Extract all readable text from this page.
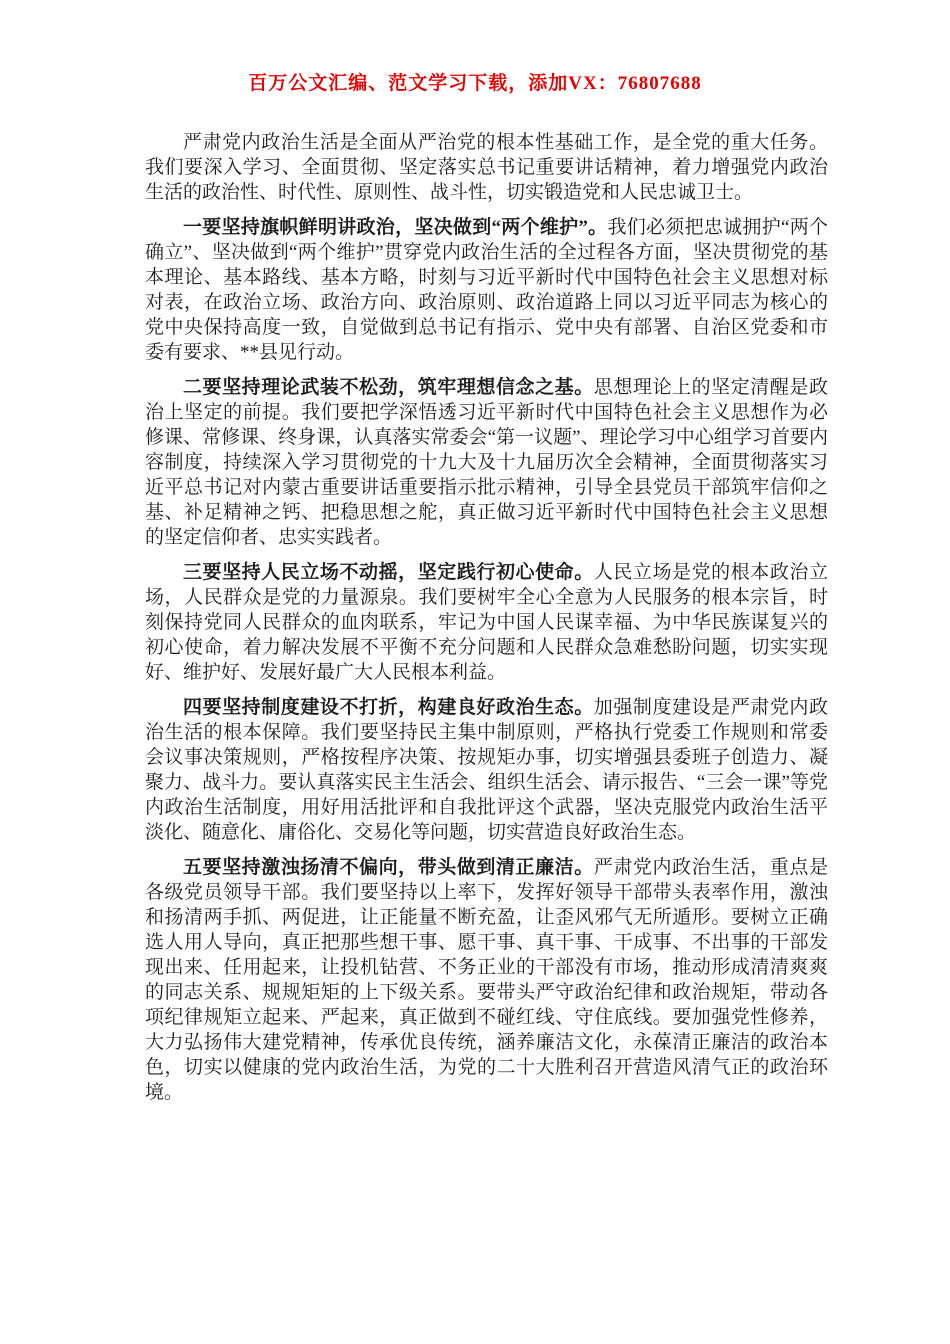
百万公文汇编、范文学习下载，添加VX：76807688

严肃党内政治生活是全面从严治党的根本性基础工作，是全党的重大任务。我们要深入学习、全面贯彻、坚定落实总书记重要讲话精神，着力增强党内政治生活的政治性、时代性、原则性、战斗性，切实锻造党和人民忠诚卫士。

一要坚持旗帜鲜明讲政治，坚决做到“两个维护”。我们必须把忠诚拥护“两个确立”、坚决做到“两个维护”贯穿党内政治生活的全过程各方面，坚决贯彻党的基本理论、基本路线、基本方略，时刻与习近平新时代中国特色社会主义思想对标对表，在政治立场、政治方向、政治原则、政治道路上同以习近平同志为核心的党中央保持高度一致，自觉做到总书记有指示、党中央有部署、自治区党委和市委有要求、**县见行动。

二要坚持理论武装不松劲，筑牢理想信念之基。思想理论上的坚定清醒是政治上坚定的前提。我们要把学深悟透习近平新时代中国特色社会主义思想作为必修课、常修课、终身课，认真落实常委会“第一议题”、理论学习中心组学习首要内容制度，持续深入学习贯彻党的十九大及十九届历次全会精神，全面贯彻落实习近平总书记对内蒙古重要讲话重要指示批示精神，引导全县党员干部筑牢信仰之基、补足精神之钙、把稳思想之舵，真正做习近平新时代中国特色社会主义思想的坚定信仰者、忠实实践者。

三要坚持人民立场不动摇，坚定践行初心使命。人民立场是党的根本政治立场，人民群众是党的力量源泉。我们要树牢全心全意为人民服务的根本宗旨，时刻保持党同人民群众的血肉联系，牢记为中国人民谋幸福、为中华民族谋复兴的初心使命，着力解决发展不平衡不充分问题和人民群众急难愁盼问题，切实实现好、维护好、发展好最广大人民根本利益。

四要坚持制度建设不打折，构建良好政治生态。加强制度建设是严肃党内政治生活的根本保障。我们要坚持民主集中制原则，严格执行党委工作规则和常委会议事决策规则，严格按程序决策、按规矩办事，切实增强县委班子创造力、凝聚力、战斗力。要认真落实民主生活会、组织生活会、请示报告、“三会一课”等党内政治生活制度，用好用活批评和自我批评这个武器，坚决克服党内政治生活平淡化、随意化、庸俗化、交易化等问题，切实营造良好政治生态。

五要坚持激浊扬清不偏向，带头做到清正廉洁。严肃党内政治生活，重点是各级党员领导干部。我们要坚持以上率下，发挥好领导干部带头表率作用，激浊和扬清两手抓、两促进，让正能量不断充盈，让歪风邪气无所遁形。要树立正确选人用人导向，真正把那些想干事、愿干事、真干事、干成事、不出事的干部发现出来、任用起来，让投机钻营、不务正业的干部没有市场，推动形成清清爽爽的同志关系、规规矩矩的上下级关系。要带头严守政治纪律和政治规矩，带动各项纪律规矩立起来、严起来，真正做到不碰红线、守住底线。要加强党性修养，大力弘扬伟大建党精神，传承优良传统，涵养廉洁文化，永葆清正廉洁的政治本色，切实以健康的党内政治生活，为党的二十大胜利召开营造风清气正的政治环境。
